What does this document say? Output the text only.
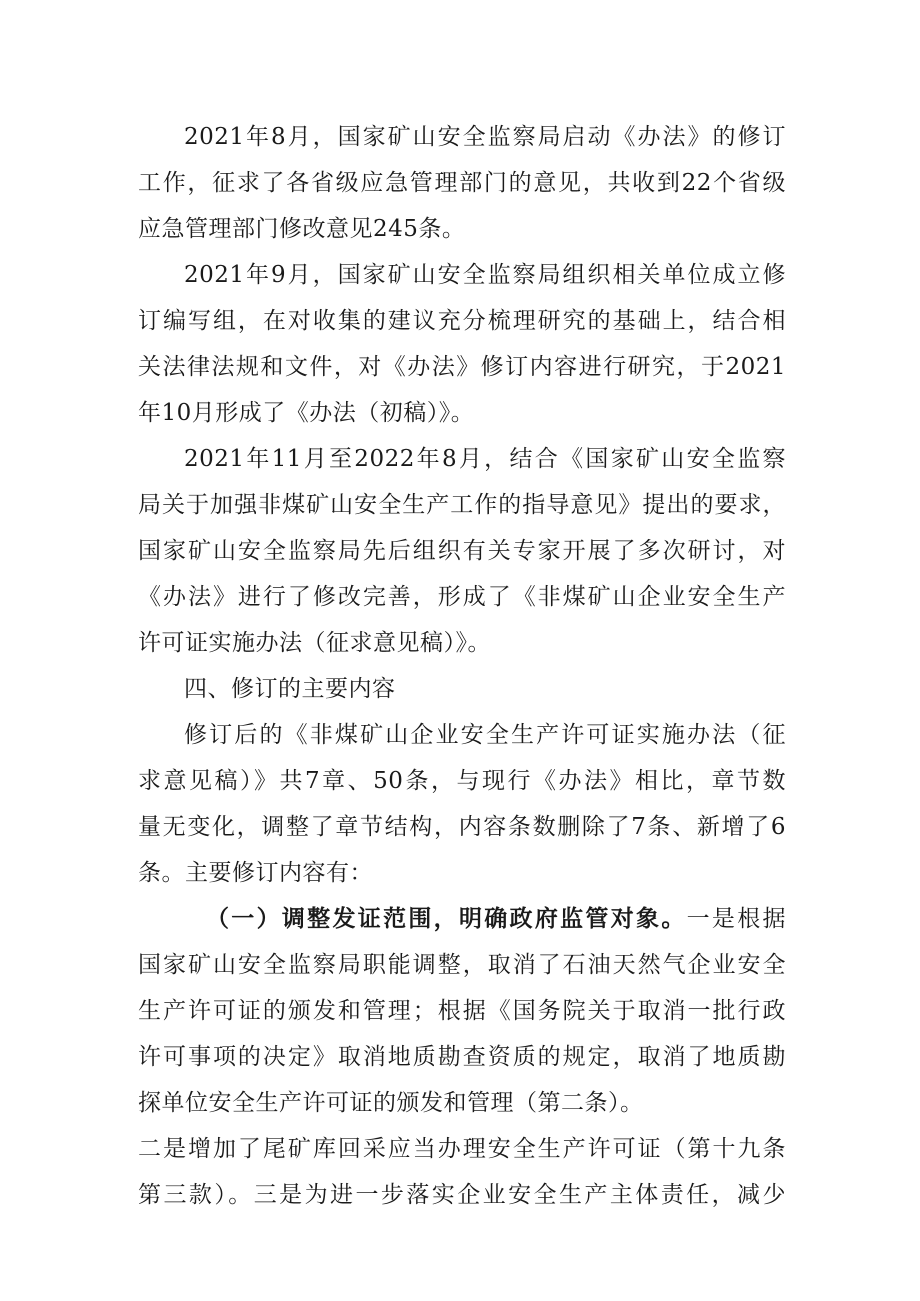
2021年8月，国家矿山安全监察局启动《办法》的修订
工作，征求了各省级应急管理部门的意见，共收到22个省级
应急管理部门修改意见245条。
2021年9月，国家矿山安全监察局组织相关单位成立修
订编写组，在对收集的建议充分梳理研究的基础上，结合相
关法律法规和文件，对《办法》修订内容进行研究，于2021
年10月形成了《办法（初稿）》。
2021年11月至2022年8月，结合《国家矿山安全监察
局关于加强非煤矿山安全生产工作的指导意见》提出的要求，
国家矿山安全监察局先后组织有关专家开展了多次研讨，对
《办法》进行了修改完善，形成了《非煤矿山企业安全生产
许可证实施办法（征求意见稿）》。
四、修订的主要内容
修订后的《非煤矿山企业安全生产许可证实施办法（征
求意见稿）》共7章、50条，与现行《办法》相比，章节数
量无变化，调整了章节结构，内容条数删除了7条、新增了6
条。主要修订内容有：
（一）调整发证范围，明确政府监管对象。一是根据
国家矿山安全监察局职能调整，取消了石油天然气企业安全
生产许可证的颁发和管理；根据《国务院关于取消一批行政
许可事项的决定》取消地质勘查资质的规定，取消了地质勘
探单位安全生产许可证的颁发和管理（第二条）。
二是增加了尾矿库回采应当办理安全生产许可证（第十九条
第三款）。三是为进一步落实企业安全生产主体责任，减少
